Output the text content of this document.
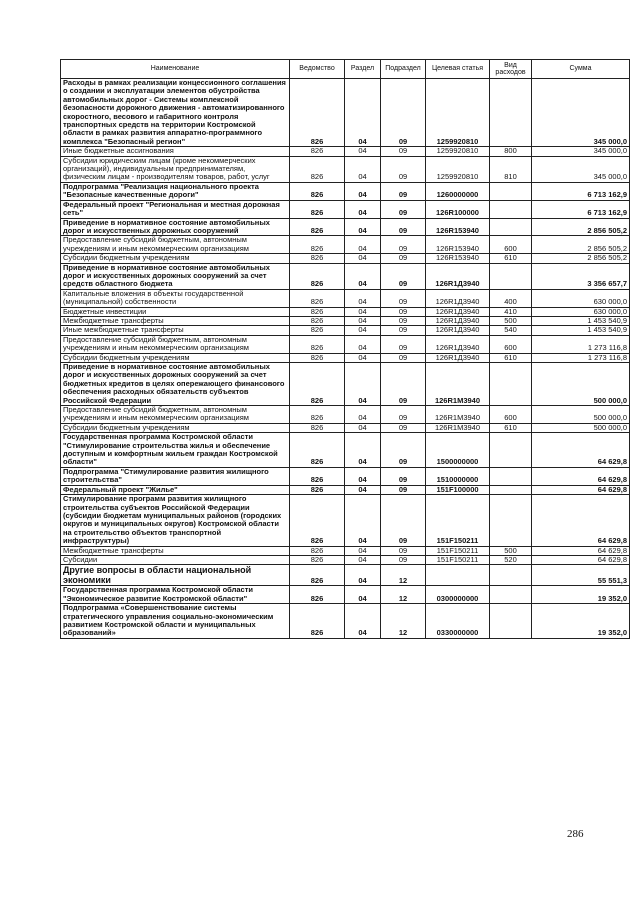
Наименование	Ведомство	Раздел	Подраздел	Целевая статья	Вид расходов	Сумма
Расходы в рамках реализации концессионного соглашения о создании и эксплуатации элементов обустройства автомобильных дорог - Системы комплексной безопасности дорожного движения - автоматизированного скоростного, весового и габаритного контроля транспортных средств на территории Костромской области в рамках развития аппаратно-программного комплекса "Безопасный регион"	826	04	09	1259920810		345 000,0
Иные бюджетные ассигнования	826	04	09	1259920810	800	345 000,0
Субсидии юридическим лицам (кроме некоммерческих организаций), индивидуальным предпринимателям, физическим лицам - производителям товаров, работ, услуг	826	04	09	1259920810	810	345 000,0
Подпрограмма "Реализация национального проекта "Безопасные качественные дороги"	826	04	09	1260000000		6 713 162,9
Федеральный проект "Региональная и местная дорожная сеть"	826	04	09	126R100000		6 713 162,9
Приведение в нормативное состояние автомобильных дорог и искусственных дорожных сооружений	826	04	09	126R153940		2 856 505,2
Предоставление субсидий бюджетным, автономным учреждениям и иным некоммерческим организациям	826	04	09	126R153940	600	2 856 505,2
Субсидии бюджетным учреждениям	826	04	09	126R153940	610	2 856 505,2
Приведение в нормативное состояние автомобильных дорог и искусственных дорожных сооружений за счет средств областного бюджета	826	04	09	126R1Д3940		3 356 657,7
Капитальные вложения в объекты государственной (муниципальной) собственности	826	04	09	126R1Д3940	400	630 000,0
Бюджетные инвестиции	826	04	09	126R1Д3940	410	630 000,0
Межбюджетные трансферты	826	04	09	126R1Д3940	500	1 453 540,9
Иные межбюджетные трансферты	826	04	09	126R1Д3940	540	1 453 540,9
Предоставление субсидий бюджетным, автономным учреждениям и иным некоммерческим организациям	826	04	09	126R1Д3940	600	1 273 116,8
Субсидии бюджетным учреждениям	826	04	09	126R1Д3940	610	1 273 116,8
Приведение в нормативное состояние автомобильных дорог и искусственных дорожных сооружений за счет бюджетных кредитов в целях опережающего финансового обеспечения расходных обязательств субъектов Российской Федерации	826	04	09	126R1M3940		500 000,0
Предоставление субсидий бюджетным, автономным учреждениям и иным некоммерческим организациям	826	04	09	126R1M3940	600	500 000,0
Субсидии бюджетным учреждениям	826	04	09	126R1M3940	610	500 000,0
Государственная программа Костромской области "Стимулирование строительства жилья и обеспечение доступным и комфортным жильем граждан Костромской области"	826	04	09	1500000000		64 629,8
Подпрограмма "Стимулирование развития жилищного строительства"	826	04	09	1510000000		64 629,8
Федеральный проект "Жилье"	826	04	09	151F100000		64 629,8
Стимулирование программ развития жилищного строительства субъектов Российской Федерации (субсидии бюджетам муниципальных районов (городских округов и муниципальных округов) Костромской области на строительство объектов транспортной инфраструктуры)	826	04	09	151F150211		64 629,8
Межбюджетные трансферты	826	04	09	151F150211	500	64 629,8
Субсидии	826	04	09	151F150211	520	64 629,8
Другие вопросы в области национальной экономики	826	04	12			55 551,3
Государственная программа Костромской области "Экономическое развитие Костромской области"	826	04	12	0300000000		19 352,0
Подпрограмма «Совершенствование системы стратегического управления социально-экономическим развитием Костромской области и муниципальных образований»	826	04	12	0330000000		19 352,0
286
